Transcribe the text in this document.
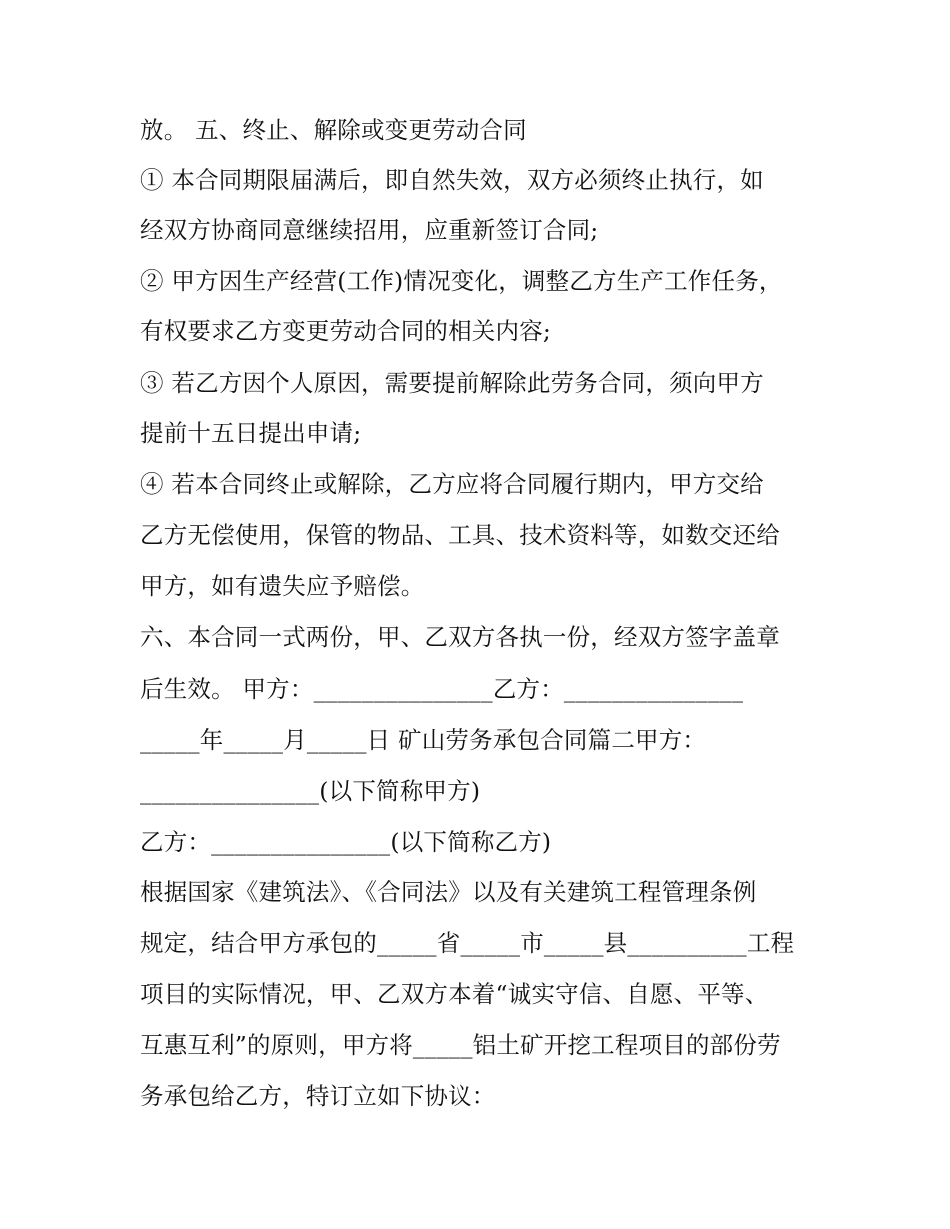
放。 五、终止、解除或变更劳动合同
① 本合同期限届满后，即自然失效，双方必须终止执行，如
经双方协商同意继续招用，应重新签订合同;
② 甲方因生产经营(工作)情况变化，调整乙方生产工作任务，
有权要求乙方变更劳动合同的相关内容;
③ 若乙方因个人原因，需要提前解除此劳务合同，须向甲方
提前十五日提出申请;
④ 若本合同终止或解除，乙方应将合同履行期内，甲方交给
乙方无偿使用，保管的物品、工具、技术资料等，如数交还给
甲方，如有遗失应予赔偿。
六、本合同一式两份，甲、乙双方各执一份，经双方签字盖章
后生效。 甲方：_______________乙方：_______________
_____年_____月_____日 矿山劳务承包合同篇二甲方：
_______________(以下简称甲方)
乙方：_______________(以下简称乙方)
根据国家《建筑法》、《合同法》以及有关建筑工程管理条例
规定，结合甲方承包的_____省_____市_____县__________工程
项目的实际情况，甲、乙双方本着“诚实守信、自愿、平等、
互惠互利”的原则，甲方将_____铝土矿开挖工程项目的部份劳
务承包给乙方，特订立如下协议：
